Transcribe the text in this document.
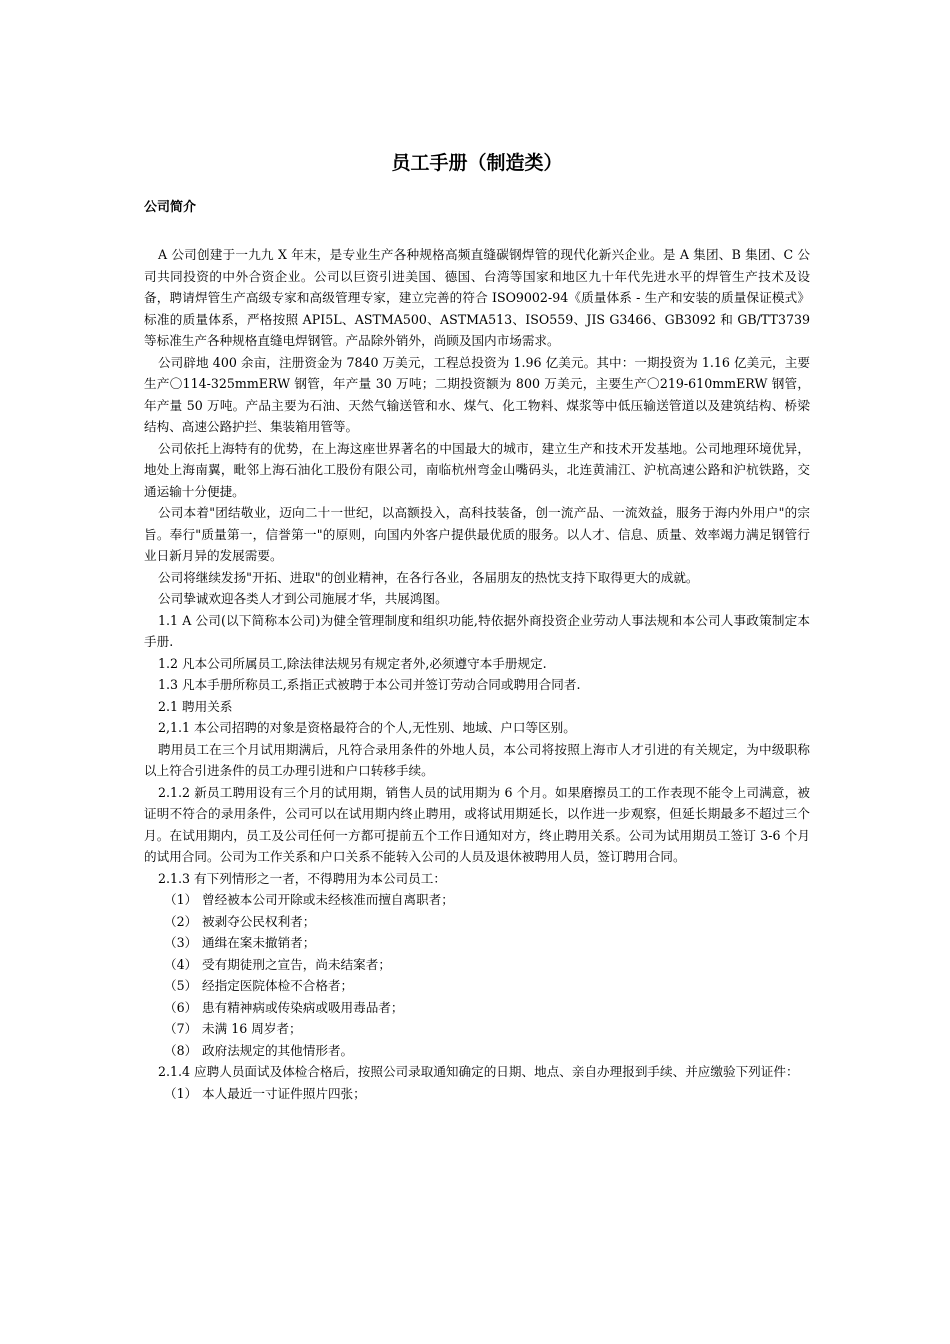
员工手册（制造类）
公司简介

A 公司创建于一九九 X 年末，是专业生产各种规格高频直缝碳钢焊管的现代化新兴企业。是 A 集团、B 集团、C 公司共同投资的中外合资企业。公司以巨资引进美国、德国、台湾等国家和地区九十年代先进水平的焊管生产技术及设备，聘请焊管生产高级专家和高级管理专家，建立完善的符合 ISO9002-94《质量体系 - 生产和安装的质量保证模式》标准的质量体系，严格按照 API5L、ASTMA500、ASTMA513、ISO559、JIS G3466、GB3092 和 GB/TT3739 等标准生产各种规格直缝电焊钢管。产品除外销外，尚顾及国内市场需求。

公司辟地 400 余亩，注册资金为 7840 万美元，工程总投资为 1.96 亿美元。其中：一期投资为 1.16 亿美元，主要生产〇114-325mmERW 钢管，年产量 30 万吨；二期投资额为 800 万美元，主要生产〇219-610mmERW 钢管，年产量 50 万吨。产品主要为石油、天然气输送管和水、煤气、化工物料、煤浆等中低压输送管道以及建筑结构、桥梁结构、高速公路护拦、集装箱用管等。

公司依托上海特有的优势，在上海这座世界著名的中国最大的城市，建立生产和技术开发基地。公司地理环境优异，地处上海南翼，毗邻上海石油化工股份有限公司，南临杭州弯金山嘴码头，北连黄浦江、沪杭高速公路和沪杭铁路，交通运输十分便捷。

公司本着"团结敬业，迈向二十一世纪，以高额投入，高科技装备，创一流产品、一流效益，服务于海内外用户"的宗旨。奉行"质量第一，信誉第一"的原则，向国内外客户提供最优质的服务。以人才、信息、质量、效率竭力满足钢管行业日新月异的发展需要。

公司将继续发扬"开拓、进取"的创业精神，在各行各业，各届朋友的热忱支持下取得更大的成就。

公司挚诚欢迎各类人才到公司施展才华，共展鸿图。

1.1 A 公司(以下简称本公司)为健全管理制度和组织功能,特依据外商投资企业劳动人事法规和本公司人事政策制定本手册.

1.2 凡本公司所属员工,除法律法规另有规定者外,必须遵守本手册规定.

1.3 凡本手册所称员工,系指正式被聘于本公司并签订劳动合同或聘用合同者.

2.1 聘用关系

2,1.1 本公司招聘的对象是资格最符合的个人,无性别、地域、户口等区别。

聘用员工在三个月试用期满后，凡符合录用条件的外地人员，本公司将按照上海市人才引进的有关规定，为中级职称以上符合引进条件的员工办理引进和户口转移手续。

2.1.2 新员工聘用设有三个月的试用期，销售人员的试用期为 6 个月。如果磨擦员工的工作表现不能令上司满意，被证明不符合的录用条件，公司可以在试用期内终止聘用，或将试用期延长，以作进一步观察，但延长期最多不超过三个月。在试用期内，员工及公司任何一方都可提前五个工作日通知对方，终止聘用关系。公司为试用期员工签订 3-6 个月的试用合同。公司为工作关系和户口关系不能转入公司的人员及退休被聘用人员，签订聘用合同。

2.1.3 有下列情形之一者，不得聘用为本公司员工：

（1） 曾经被本公司开除或未经核准而擅自离职者；

（2） 被剥夺公民权利者；

（3） 通缉在案未撤销者；

（4） 受有期徒刑之宣告，尚未结案者；

（5） 经指定医院体检不合格者；

（6） 患有精神病或传染病或吸用毒品者；

（7） 未满 16 周岁者；

（8） 政府法规定的其他情形者。

2.1.4 应聘人员面试及体检合格后，按照公司录取通知确定的日期、地点、亲自办理报到手续、并应缴验下列证件：

（1） 本人最近一寸证件照片四张；
